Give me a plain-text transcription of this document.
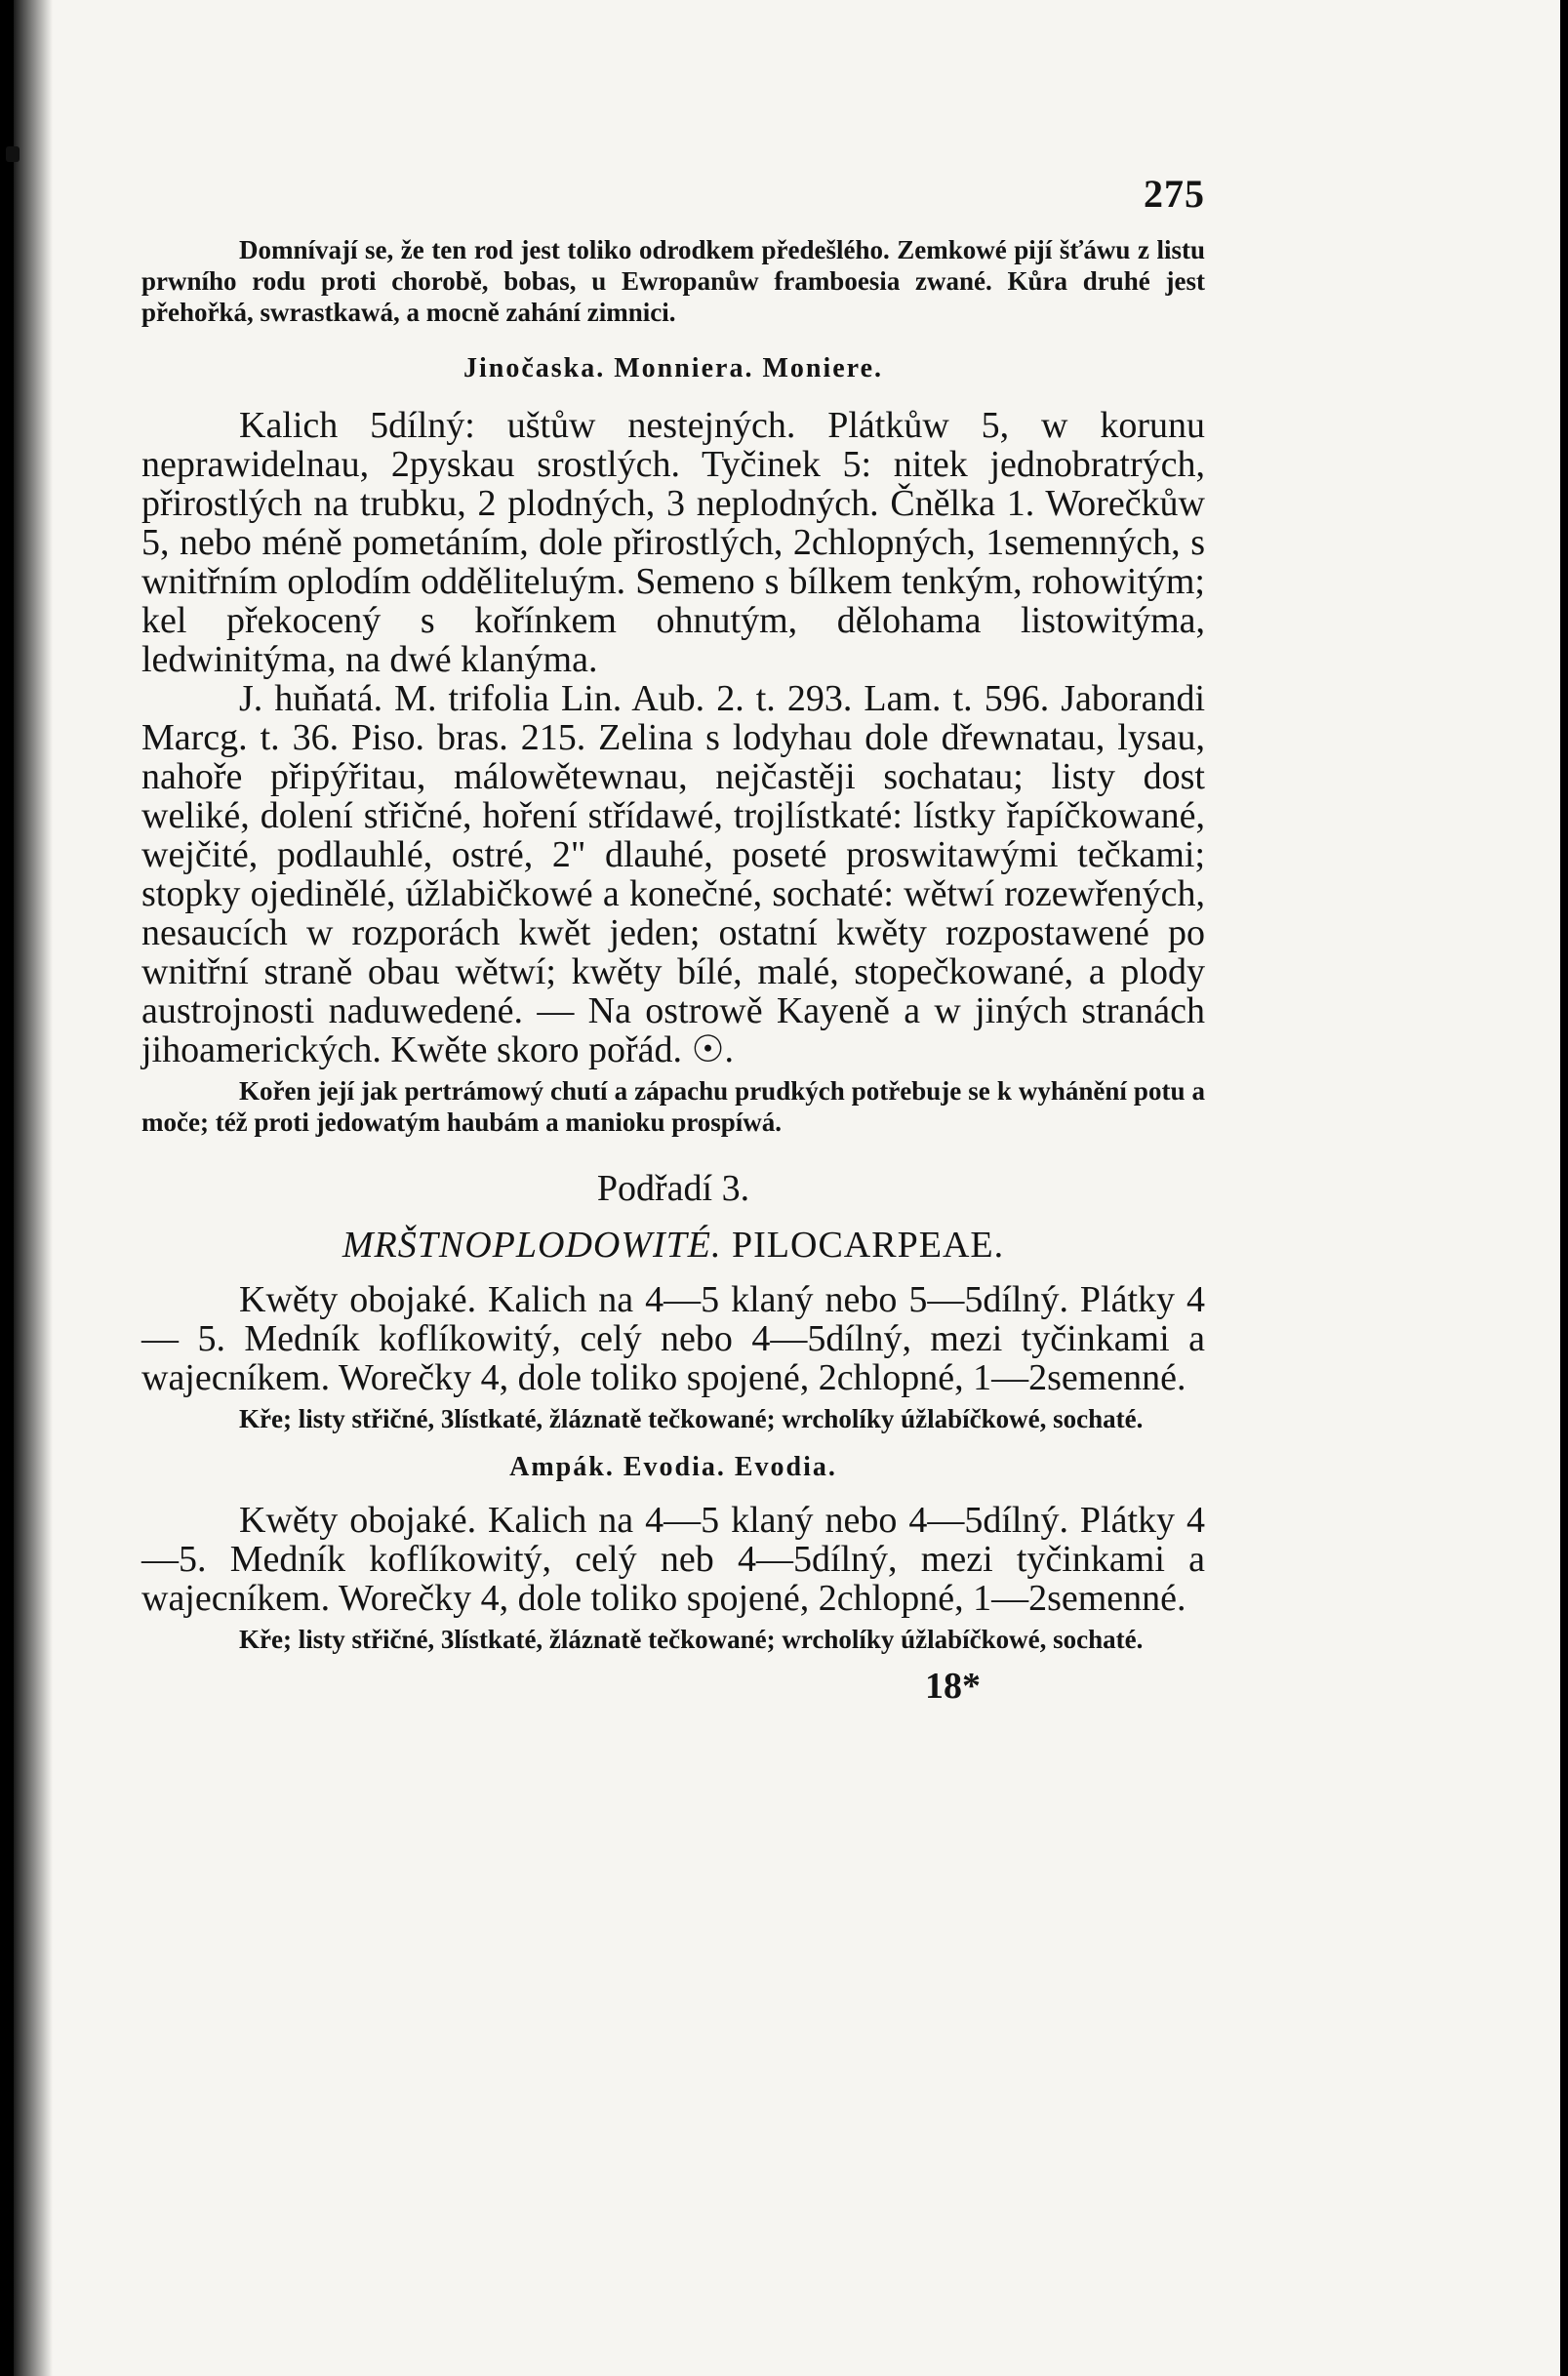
275

Domnívají se, že ten rod jest toliko odrodkem předešlého. Zemkowé pijí šťáwu z listu prwního rodu proti chorobě, bobas, u Ewropanůw framboesia zwané. Kůra druhé jest přehořká, swrastkawá, a mocně zahání zimnici.

Jinočaska. Monniera. Moniere.

Kalich 5dílný: uštůw nestejných. Plátkůw 5, w korunu neprawidelnau, 2pyskau srostlých. Tyčinek 5: nitek jednobratrých, přirostlých na trubku, 2 plodných, 3 neplodných. Čnělka 1. Worečkůw 5, nebo méně pometáním, dole přirostlých, 2chlopných, 1semenných, s wnitřním oplodím odděliteluým. Semeno s bílkem tenkým, rohowitým; kel překocený s kořínkem ohnutým, dělohama listowitýma, ledwinitýma, na dwé klanýma.

J. huňatá. M. trifolia Lin. Aub. 2. t. 293. Lam. t. 596. Jaborandi Marcg. t. 36. Piso. bras. 215. Zelina s lodyhau dole dřewnatau, lysau, nahoře připýřitau, málowětewnau, nejčastěji sochatau; listy dost weliké, dolení střičné, hoření střídawé, trojlístkaté: lístky řapíčkowané, wejčité, podlauhlé, ostré, 2" dlauhé, poseté proswitawými tečkami; stopky ojedinělé, úžlabičkowé a konečné, sochaté: wětwí rozewřených, nesaucích w rozporách kwět jeden; ostatní kwěty rozpostawené po wnitřní straně obau wětwí; kwěty bílé, malé, stopečkowané, a plody austrojnosti naduwedené. — Na ostrowě Kayeně a w jiných stranách jihoamerických. Kwěte skoro pořád. ☉.

Kořen její jak pertrámowý chutí a zápachu prudkých potřebuje se k wyhánění potu a moče; též proti jedowatým haubám a manioku prospíwá.

Podřadí 3.

MRŠTNOPLODOWITÉ. PILOCARPEAE.

Kwěty obojaké. Kalich na 4—5 klaný nebo 5—5dílný. Plátky 4 — 5. Medník koflíkowitý, celý nebo 4—5dílný, mezi tyčinkami a wajecníkem. Worečky 4, dole toliko spojené, 2chlopné, 1—2semenné.

Kře; listy střičné, 3lístkaté, žláznatě tečkowané; wrcholíky úžlabíčkowé, sochaté.

Ampák. Evodia. Evodia.

Kwěty obojaké. Kalich na 4—5 klaný nebo 4—5dílný. Plátky 4—5. Medník koflíkowitý, celý neb 4—5dílný, mezi tyčinkami a wajecníkem. Worečky 4, dole toliko spojené, 2chlopné, 1—2semenné.

Kře; listy střičné, 3lístkaté, žláznatě tečkowané; wrcholíky úžlabíčkowé, sochaté.

18*
